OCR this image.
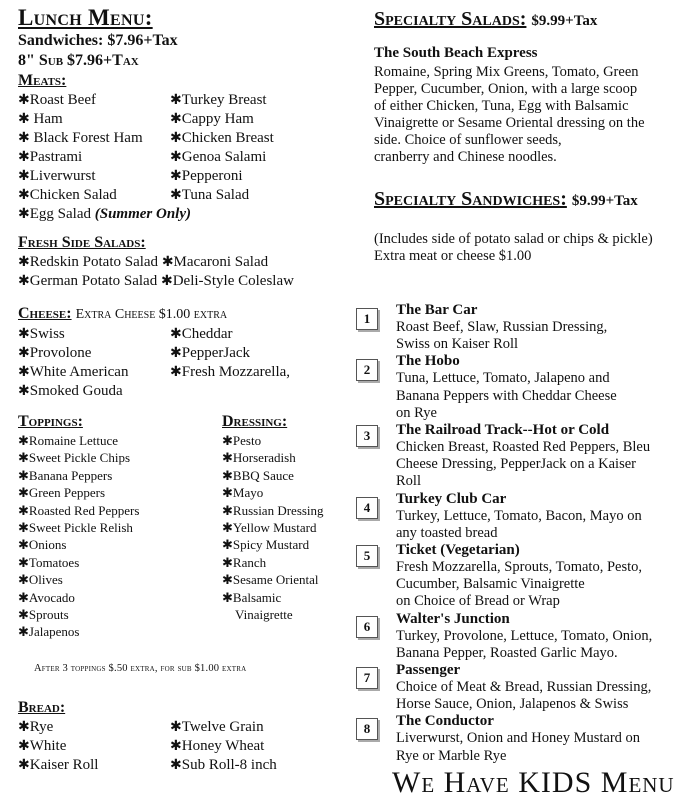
Lunch Menu:
Sandwiches: $7.96+Tax
8" Sub $7.96+Tax
Meats:
✱Roast Beef
✱ Ham
✱ Black Forest Ham
✱Pastrami
✱Liverwurst
✱Chicken Salad
✱Turkey Breast
✱Cappy Ham
✱Chicken Breast
✱Genoa Salami
✱Pepperoni
✱Tuna Salad
✱Egg Salad (Summer Only)
Fresh Side Salads:
✱Redskin Potato Salad ✱Macaroni Salad
✱German Potato Salad ✱Deli-Style Coleslaw
Cheese: Extra Cheese $1.00 extra
✱Swiss
✱Provolone
✱White American
✱Smoked Gouda
✱Cheddar
✱PepperJack
✱Fresh Mozzarella,
Toppings:
✱Romaine Lettuce
✱Sweet Pickle Chips
✱Banana Peppers
✱Green Peppers
✱Roasted Red Peppers
✱Sweet Pickle Relish
✱Onions
✱Tomatoes
✱Olives
✱Avocado
✱Sprouts
✱Jalapenos
Dressing:
✱Pesto
✱Horseradish
✱BBQ Sauce
✱Mayo
✱Russian Dressing
✱Yellow Mustard
✱Spicy Mustard
✱Ranch
✱Sesame Oriental
✱Balsamic
Vinaigrette
After 3 toppings $.50 extra, for sub $1.00 extra
Bread:
✱Rye
✱White
✱Kaiser Roll
✱Twelve Grain
✱Honey Wheat
✱Sub Roll-8 inch
Specialty Salads: $9.99+Tax
The South Beach Express
Romaine, Spring Mix Greens, Tomato, Green
Pepper, Cucumber, Onion, with a large scoop
of either Chicken, Tuna, Egg with Balsamic
Vinaigrette or Sesame Oriental dressing on the
side. Choice of sunflower seeds,
cranberry and Chinese noodles.
Specialty Sandwiches: $9.99+Tax
(Includes side of potato salad or chips & pickle)
Extra meat or cheese $1.00
1
The Bar Car
Roast Beef, Slaw, Russian Dressing,
Swiss on Kaiser Roll
2
The Hobo
Tuna, Lettuce, Tomato, Jalapeno and
Banana Peppers with Cheddar Cheese
on Rye
3	The Railroad Track--Hot or Cold
Chicken Breast, Roasted Red Peppers, Bleu
Cheese Dressing, PepperJack on a Kaiser
Roll
4
Turkey Club Car
Turkey, Lettuce, Tomato, Bacon, Mayo on
any toasted bread
5	Ticket (Vegetarian)
Fresh Mozzarella, Sprouts, Tomato, Pesto,
Cucumber, Balsamic Vinaigrette
on Choice of Bread or Wrap
6	Walter's Junction
Turkey, Provolone, Lettuce, Tomato, Onion,
Banana Pepper, Roasted Garlic Mayo.
7	Passenger
Choice of Meat & Bread, Russian Dressing,
Horse Sauce, Onion, Jalapenos & Swiss
8	The Conductor
Liverwurst, Onion and Honey Mustard on
Rye or Marble Rye
We Have KIDS Menu
